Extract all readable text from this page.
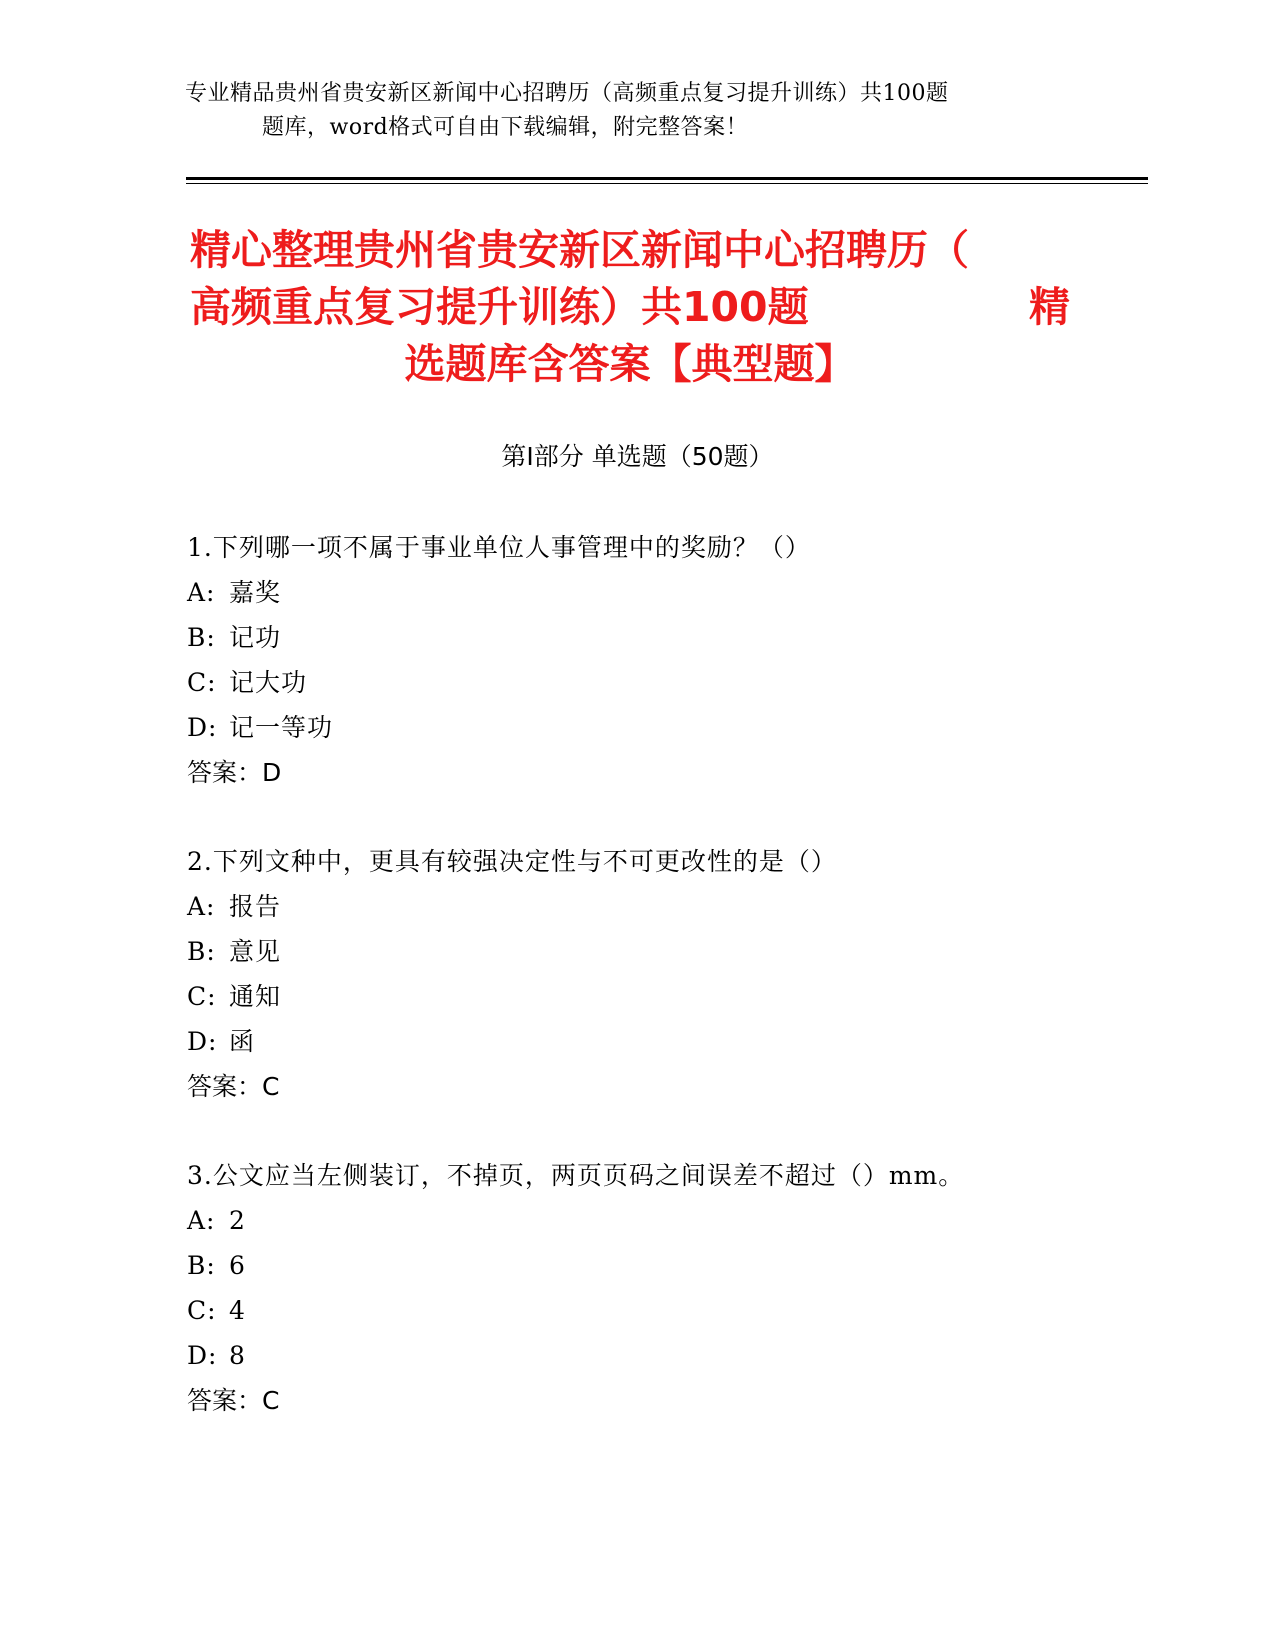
专业精品贵州省贵安新区新闻中心招聘历（高频重点复习提升训练）共100题
题库，word格式可自由下载编辑，附完整答案！
精心整理贵州省贵安新区新闻中心招聘历（
高频重点复习提升训练）共100题	精
选题库含答案【典型题】
第Ⅰ部分 单选题（50题）
1.下列哪一项不属于事业单位人事管理中的奖励？（）
A: 嘉奖
B: 记功
C: 记大功
D: 记一等功
答案：D
2.下列文种中，更具有较强决定性与不可更改性的是（）
A: 报告
B: 意见
C: 通知
D: 函
答案：C
3.公文应当左侧装订，不掉页，两页页码之间误差不超过（）mm。
A: 2
B: 6
C: 4
D: 8
答案：C
